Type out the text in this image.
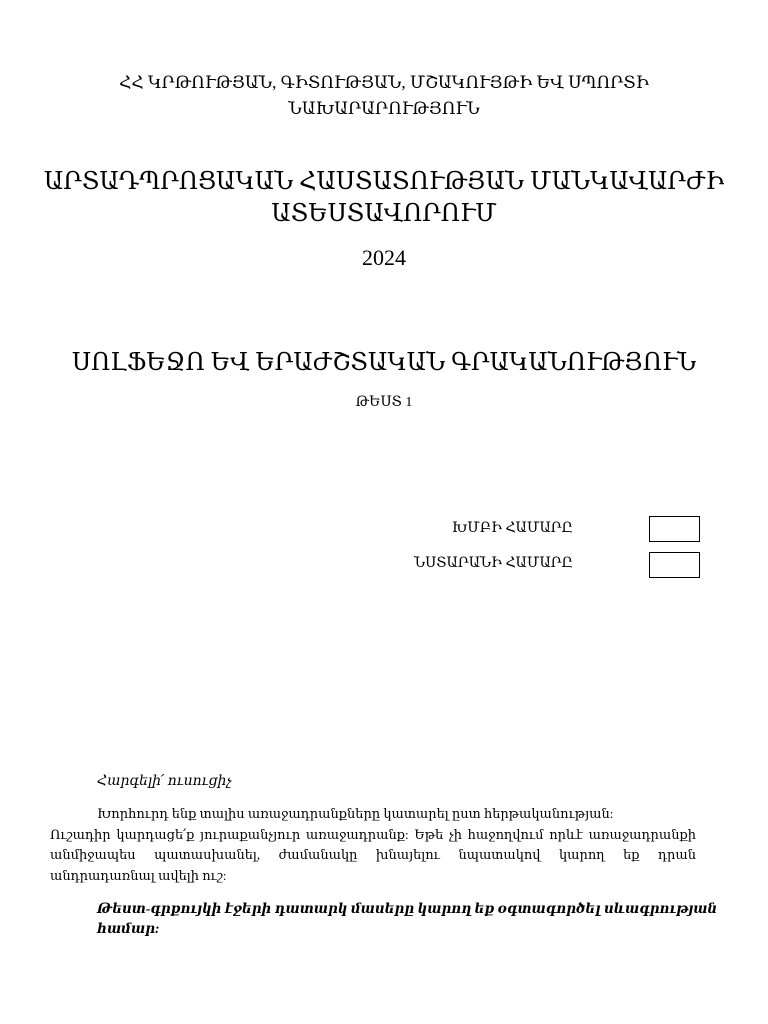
ՀՀ ԿՐԹՈՒԹՅԱՆ, ԳԻՏՈՒԹՅԱՆ, ՄՇԱԿՈՒՅԹԻ ԵՎ ՍՊՈՐՏԻ
ՆԱԽԱՐԱՐՈՒԹՅՈՒՆ
ԱՐՏԱԴՊՐՈՑԱԿԱՆ ՀԱՍՏԱՏՈՒԹՅԱՆ ՄԱՆԿԱՎԱՐԺԻ
ԱՏԵՍՏԱՎՈՐՈՒՄ
2024
ՍՈԼՖԵՋՈ ԵՎ ԵՐԱԺՇՏԱԿԱՆ ԳՐԱԿԱՆՈՒԹՅՈՒՆ
ԹԵՍՏ 1
ԽՄԲԻ ՀԱՄԱՐԸ
ՆՍՏԱՐԱՆԻ ՀԱՄԱՐԸ
Հարգելի՛ ուսուցիչ

Խորհուրդ ենք տալիս առաջադրանքները կատարել ըստ հերթականության:

Ուշադիր կարդացե՛ք յուրաքանչյուր առաջադրանք: Եթե չի հաջողվում որևէ առաջադրանքի անմիջապես պատասխանել, ժամանակը խնայելու նպատակով կարող եք դրան անդրադառնալ ավելի ուշ:

Թեստ-գրքույկի էջերի դատարկ մասերը կարող եք օգտագործել սևագրության համար:
